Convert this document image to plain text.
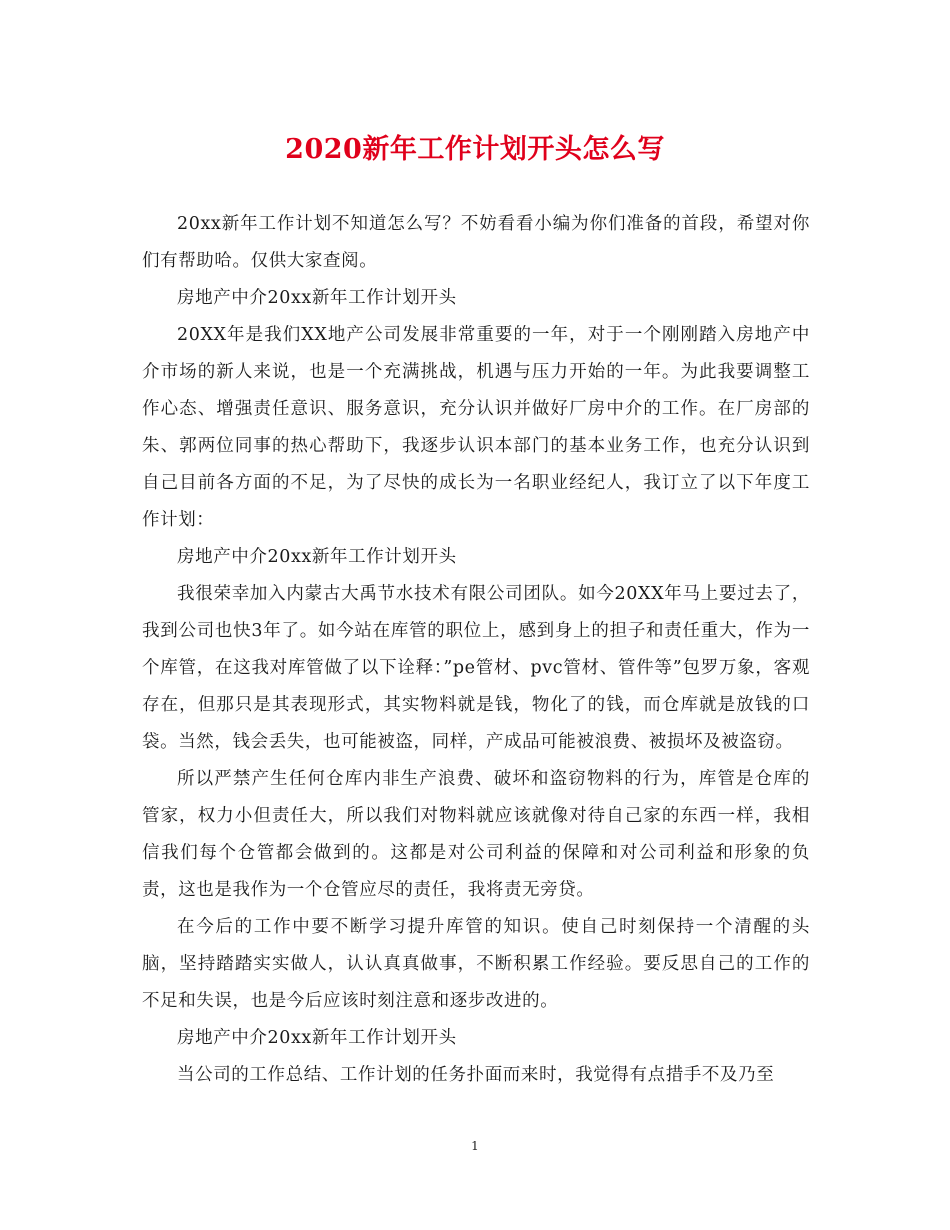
2020新年工作计划开头怎么写

20xx新年工作计划不知道怎么写？不妨看看小编为你们准备的首段，希望对你们有帮助哈。仅供大家查阅。

房地产中介20xx新年工作计划开头

20XX年是我们XX地产公司发展非常重要的一年，对于一个刚刚踏入房地产中介市场的新人来说，也是一个充满挑战，机遇与压力开始的一年。为此我要调整工作心态、增强责任意识、服务意识，充分认识并做好厂房中介的工作。在厂房部的朱、郭两位同事的热心帮助下，我逐步认识本部门的基本业务工作，也充分认识到自己目前各方面的不足，为了尽快的成长为一名职业经纪人，我订立了以下年度工作计划：

房地产中介20xx新年工作计划开头

我很荣幸加入内蒙古大禹节水技术有限公司团队。如今20XX年马上要过去了，我到公司也快3年了。如今站在库管的职位上，感到身上的担子和责任重大，作为一个库管，在这我对库管做了以下诠释：”pe管材、pvc管材、管件等”包罗万象，客观存在，但那只是其表现形式，其实物料就是钱，物化了的钱，而仓库就是放钱的口袋。当然，钱会丢失，也可能被盗，同样，产成品可能被浪费、被损坏及被盗窃。

所以严禁产生任何仓库内非生产浪费、破坏和盗窃物料的行为，库管是仓库的管家，权力小但责任大，所以我们对物料就应该就像对待自己家的东西一样，我相信我们每个仓管都会做到的。这都是对公司利益的保障和对公司利益和形象的负责，这也是我作为一个仓管应尽的责任，我将责无旁贷。

在今后的工作中要不断学习提升库管的知识。使自己时刻保持一个清醒的头脑，坚持踏踏实实做人，认认真真做事，不断积累工作经验。要反思自己的工作的不足和失误，也是今后应该时刻注意和逐步改进的。

房地产中介20xx新年工作计划开头

当公司的工作总结、工作计划的任务扑面而来时，我觉得有点措手不及乃至

1
